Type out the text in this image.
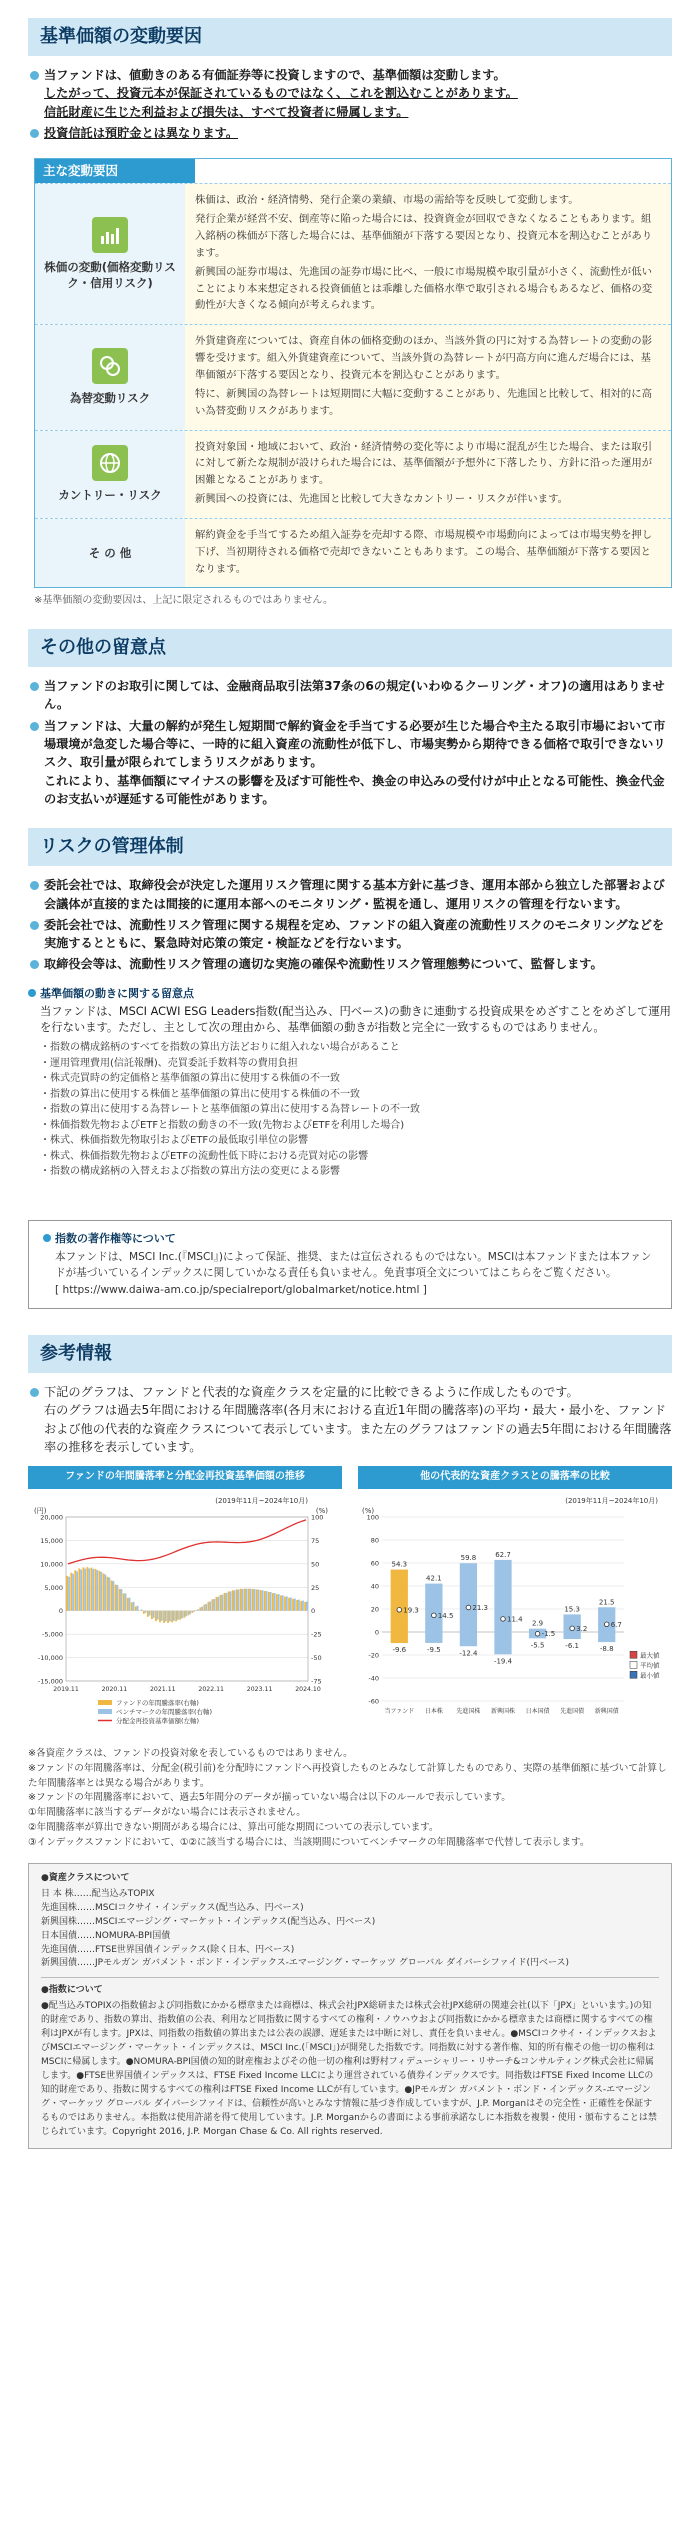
基準価額の変動要因
当ファンドは、値動きのある有価証券等に投資しますので、基準価額は変動します。
したがって、投資元本が保証されているものではなく、これを割込むことがあります。
信託財産に生じた利益および損失は、すべて投資者に帰属します。
投資信託は預貯金とは異なります。
主な変動要因
株価の変動(価格変動リスク・信用リスク)

株価は、政治・経済情勢、発行企業の業績、市場の需給等を反映して変動します。

発行企業が経営不安、倒産等に陥った場合には、投資資金が回収できなくなることもあります。組入銘柄の株価が下落した場合には、基準価額が下落する要因となり、投資元本を割込むことがあります。

新興国の証券市場は、先進国の証券市場に比べ、一般に市場規模や取引量が小さく、流動性が低いことにより本来想定される投資価値とは乖離した価格水準で取引される場合もあるなど、価格の変動性が大きくなる傾向が考えられます。

為替変動リスク

外貨建資産については、資産自体の価格変動のほか、当該外貨の円に対する為替レートの変動の影響を受けます。組入外貨建資産について、当該外貨の為替レートが円高方向に進んだ場合には、基準価額が下落する要因となり、投資元本を割込むことがあります。

特に、新興国の為替レートは短期間に大幅に変動することがあり、先進国と比較して、相対的に高い為替変動リスクがあります。

カントリー・リスク

投資対象国・地域において、政治・経済情勢の変化等により市場に混乱が生じた場合、または取引に対して新たな規制が設けられた場合には、基準価額が予想外に下落したり、方針に沿った運用が困難となることがあります。

新興国への投資には、先進国と比較して大きなカントリー・リスクが伴います。

そ の 他

解約資金を手当てするため組入証券を売却する際、市場規模や市場動向によっては市場実勢を押し下げ、当初期待される価格で売却できないこともあります。この場合、基準価額が下落する要因となります。

※基準価額の変動要因は、上記に限定されるものではありません。
その他の留意点
当ファンドのお取引に関しては、金融商品取引法第37条の6の規定(いわゆるクーリング・オフ)の適用はありません。
当ファンドは、大量の解約が発生し短期間で解約資金を手当てする必要が生じた場合や主たる取引市場において市場環境が急変した場合等に、一時的に組入資産の流動性が低下し、市場実勢から期待できる価格で取引できないリスク、取引量が限られてしまうリスクがあります。
これにより、基準価額にマイナスの影響を及ぼす可能性や、換金の申込みの受付けが中止となる可能性、換金代金のお支払いが遅延する可能性があります。
リスクの管理体制
委託会社では、取締役会が決定した運用リスク管理に関する基本方針に基づき、運用本部から独立した部署および会議体が直接的または間接的に運用本部へのモニタリング・監視を通し、運用リスクの管理を行ないます。
委託会社では、流動性リスク管理に関する規程を定め、ファンドの組入資産の流動性リスクのモニタリングなどを実施するとともに、緊急時対応策の策定・検証などを行ないます。
取締役会等は、流動性リスク管理の適切な実施の確保や流動性リスク管理態勢について、監督します。
基準価額の動きに関する留意点

当ファンドは、MSCI ACWI ESG Leaders指数(配当込み、円ベース)の動きに連動する投資成果をめざすことをめざして運用を行ないます。ただし、主として次の理由から、基準価額の動きが指数と完全に一致するものではありません。

・指数の構成銘柄のすべてを指数の算出方法どおりに組入れない場合があること
・運用管理費用(信託報酬)、売買委託手数料等の費用負担
・株式売買時の約定価格と基準価額の算出に使用する株価の不一致
・指数の算出に使用する株価と基準価額の算出に使用する株価の不一致
・指数の算出に使用する為替レートと基準価額の算出に使用する為替レートの不一致
・株価指数先物およびETFと指数の動きの不一致(先物およびETFを利用した場合)
・株式、株価指数先物取引およびETFの最低取引単位の影響
・株式、株価指数先物およびETFの流動性低下時における売買対応の影響
・指数の構成銘柄の入替えおよび指数の算出方法の変更による影響
指数の著作権等について

本ファンドは、MSCI Inc.(『MSCI』)によって保証、推奨、または宣伝されるものではない。MSCIは本ファンドまたは本ファンドが基づいているインデックスに関していかなる責任も負いません。免責事項全文についてはこちらをご覧ください。

[ https://www.daiwa-am.co.jp/specialreport/globalmarket/notice.html ]

参考情報
下記のグラフは、ファンドと代表的な資産クラスを定量的に比較できるように作成したものです。
右のグラフは過去5年間における年間騰落率(各月末における直近1年間の騰落率)の平均・最大・最小を、ファンドおよび他の代表的な資産クラスについて表示しています。また左のグラフはファンドの過去5年間における年間騰落率の推移を表示しています。
ファンドの年間騰落率と分配金再投資基準価額の推移
(2019年11月~2024年10月)
(円)	(%)
20,000	100
15,000	75
10,000	50
5,000	25
0	0
-5,000	-25
-10,000	-50
-15,000	-75
2019.11	2020.11	2021.11	2022.11	2023.11	2024.10
ファンドの年間騰落率(右軸)
ベンチマークの年間騰落率(右軸)
分配金再投資基準価額(左軸)
他の代表的な資産クラスとの騰落率の比較
(2019年11月~2024年10月)
(%)
100
80
60
40
20
0
-20
-40
-60
54.3
19.3
-9.6
当ファンド
42.1
14.5
-9.5
日本株
59.8
21.3
-12.4
先進国株
62.7
11.4
-19.4
新興国株
2.9
-1.5
-5.5
日本国債
15.3
3.2
-6.1
先進国債
21.5
6.7
-8.8
新興国債
最大値
平均値
最小値
※各資産クラスは、ファンドの投資対象を表しているものではありません。
※ファンドの年間騰落率は、分配金(税引前)を分配時にファンドへ再投資したものとみなして計算したものであり、実際の基準価額に基づいて計算した年間騰落率とは異なる場合があります。
※ファンドの年間騰落率において、過去5年間分のデータが揃っていない場合は以下のルールで表示しています。
①年間騰落率に該当するデータがない場合には表示されません。
②年間騰落率が算出できない期間がある場合には、算出可能な期間についての表示しています。
③インデックスファンドにおいて、①②に該当する場合には、当該期間についてベンチマークの年間騰落率で代替して表示します。
●資産クラスについて
日 本 株……配当込みTOPIX
先進国株……MSCIコクサイ・インデックス(配当込み、円ベース)
新興国株……MSCIエマージング・マーケット・インデックス(配当込み、円ベース)
日本国債……NOMURA-BPI国債
先進国債……FTSE世界国債インデックス(除く日本、円ベース)
新興国債……JPモルガン ガバメント・ボンド・インデックス-エマージング・マーケッツ グローバル ダイバーシファイド(円ベース)
●指数について
●配当込みTOPIXの指数値および同指数にかかる標章または商標は、株式会社JPX総研または株式会社JPX総研の関連会社(以下「JPX」といいます。)の知的財産であり、指数の算出、指数値の公表、利用など同指数に関するすべての権利・ノウハウおよび同指数にかかる標章または商標に関するすべての権利はJPXが有します。JPXは、同指数の指数値の算出または公表の誤謬、遅延または中断に対し、責任を負いません。●MSCIコクサイ・インデックスおよびMSCIエマージング・マーケット・インデックスは、MSCI Inc.(「MSCI」)が開発した指数です。同指数に対する著作権、知的所有権その他一切の権利はMSCIに帰属します。●NOMURA-BPI国債の知的財産権およびその他一切の権利は野村フィデューシャリー・リサーチ&コンサルティング株式会社に帰属します。●FTSE世界国債インデックスは、FTSE Fixed Income LLCにより運営されている債券インデックスです。同指数はFTSE Fixed Income LLCの知的財産であり、指数に関するすべての権利はFTSE Fixed Income LLCが有しています。●JPモルガン ガバメント・ボンド・インデックス-エマージング・マーケッツ グローバル ダイバーシファイドは、信頼性が高いとみなす情報に基づき作成していますが、J.P. Morganはその完全性・正確性を保証するものではありません。本指数は使用許諾を得て使用しています。J.P. Morganからの書面による事前承諾なしに本指数を複製・使用・頒布することは禁じられています。Copyright 2016, J.P. Morgan Chase & Co. All rights reserved.
